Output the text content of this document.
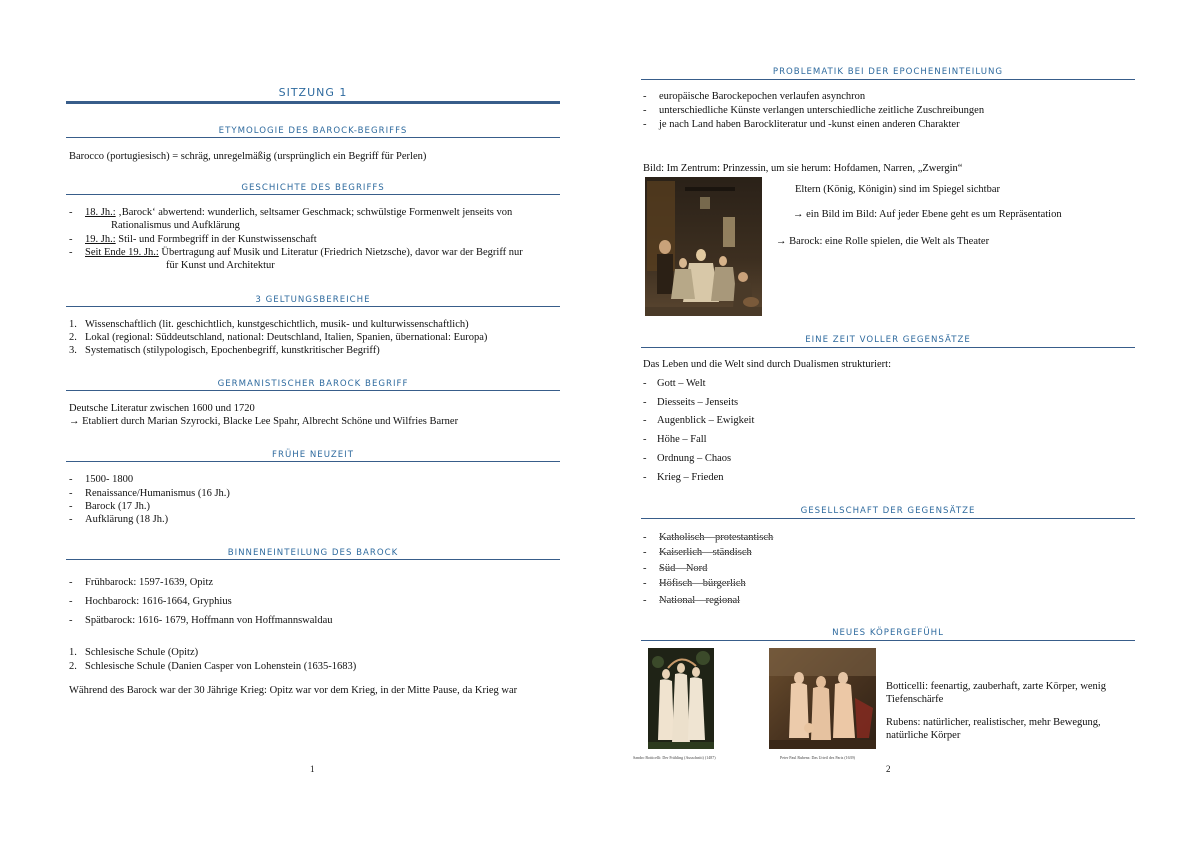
SITZUNG 1
ETYMOLOGIE DES BAROCK-BEGRIFFS
Barocco (portugiesisch) = schräg, unregelmäßig (ursprünglich ein Begriff für Perlen)
GESCHICHTE DES BEGRIFFS
- 18. Jh.: ‚Barock‘ abwertend: wunderlich, seltsamer Geschmack; schwülstige Formenwelt jenseits von
Rationalismus und Aufklärung
- 19. Jh.: Stil- und Formbegriff in der Kunstwissenschaft
- Seit Ende 19. Jh.: Übertragung auf Musik und Literatur (Friedrich Nietzsche), davor war der Begriff nur
für Kunst und Architektur
3 GELTUNGSBEREICHE
1. Wissenschaftlich (lit. geschichtlich, kunstgeschichtlich, musik- und kulturwissenschaftlich)
2. Lokal (regional: Süddeutschland, national: Deutschland, Italien, Spanien, übernational: Europa)
3. Systematisch (stilypologisch, Epochenbegriff, kunstkritischer Begriff)
GERMANISTISCHER BAROCK BEGRIFF
Deutsche Literatur zwischen 1600 und 1720
→ Etabliert durch Marian Szyrocki, Blacke Lee Spahr, Albrecht Schöne und Wilfries Barner
FRÜHE NEUZEIT
- 1500- 1800
- Renaissance/Humanismus (16 Jh.)
- Barock (17 Jh.)
- Aufklärung (18 Jh.)
BINNENEINTEILUNG DES BAROCK
- Frühbarock: 1597-1639, Opitz
- Hochbarock: 1616-1664, Gryphius
- Spätbarock: 1616- 1679, Hoffmann von Hoffmannswaldau
1. Schlesische Schule (Opitz)
2. Schlesische Schule (Danien Casper von Lohenstein (1635-1683)
Während des Barock war der 30 Jährige Krieg: Opitz war vor dem Krieg, in der Mitte Pause, da Krieg war
1
PROBLEMATIK BEI DER EPOCHENEINTEILUNG
- europäische Barockepochen verlaufen asynchron
- unterschiedliche Künste verlangen unterschiedliche zeitliche Zuschreibungen
- je nach Land haben Barockliteratur und -kunst einen anderen Charakter
Bild: Im Zentrum: Prinzessin, um sie herum: Hofdamen, Narren, „Zwergin“
Eltern (König, Königin) sind im Spiegel sichtbar
→ ein Bild im Bild: Auf jeder Ebene geht es um Repräsentation
→ Barock: eine Rolle spielen, die Welt als Theater
EINE ZEIT VOLLER GEGENSÄTZE
Das Leben und die Welt sind durch Dualismen strukturiert:
- Gott – Welt
- Diesseits – Jenseits
- Augenblick – Ewigkeit
- Höhe – Fall
- Ordnung – Chaos
- Krieg – Frieden
GESELLSCHAFT DER GEGENSÄTZE
- Katholisch – protestantisch
- Kaiserlich – ständisch
- Süd – Nord
- Höfisch – bürgerlich
- National – regional
NEUES KÖPERGEFÜHL
Sandro Botticelli: Der Frühling (Ausschnitt) (1487)	Peter Paul Rubens: Das Urteil des Paris (1639)
Botticelli: feenartig, zauberhaft, zarte Körper, wenig
Tiefenschärfe
Rubens: natürlicher, realistischer, mehr Bewegung,
natürliche Körper
2
